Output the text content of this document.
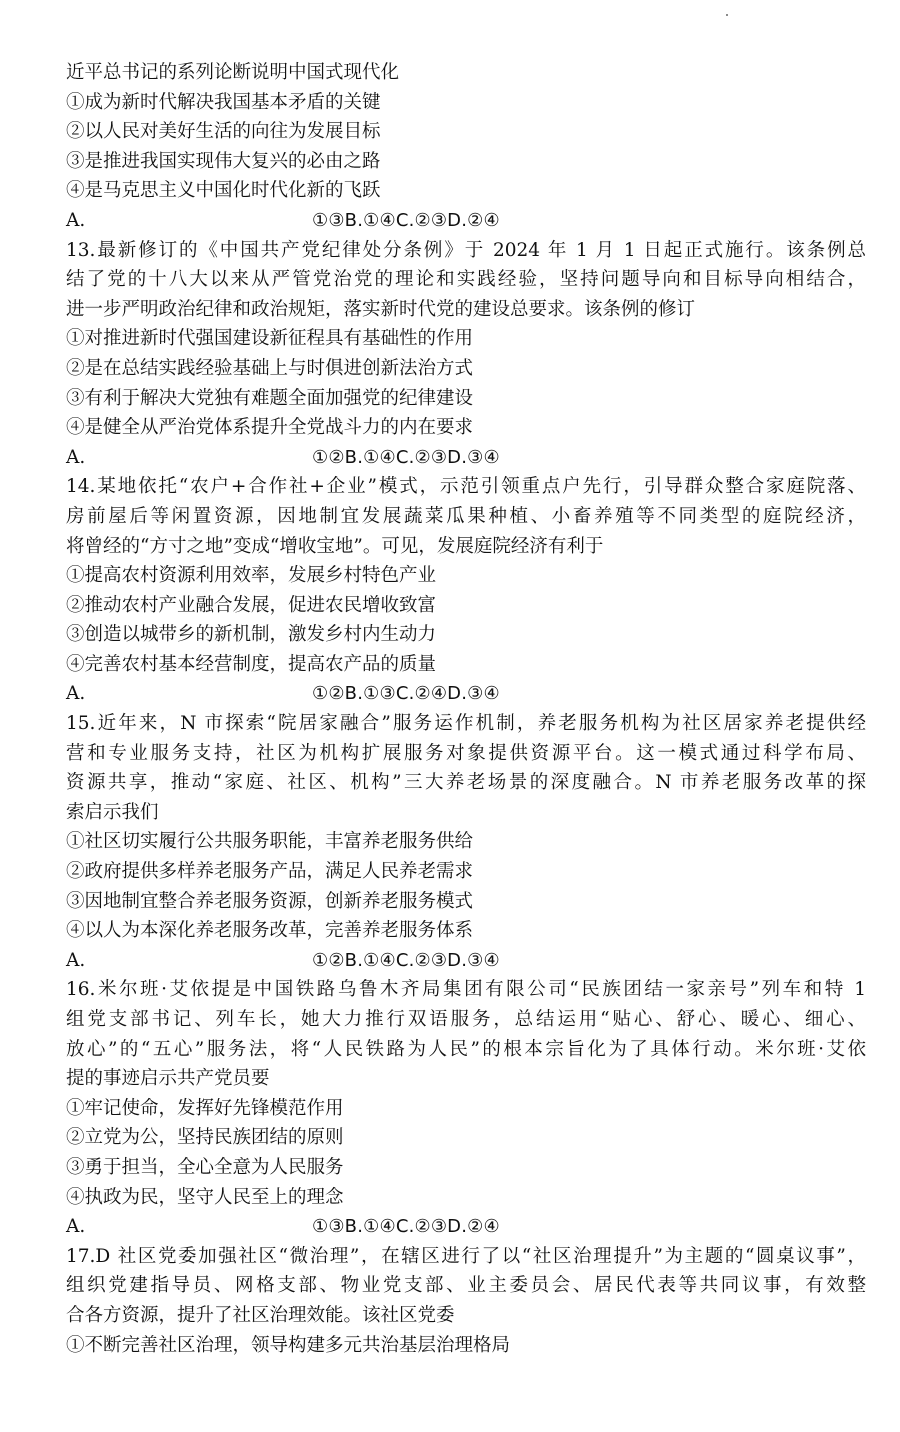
近平总书记的系列论断说明中国式现代化
①成为新时代解决我国基本矛盾的关键
②以人民对美好生活的向往为发展目标
③是推进我国实现伟大复兴的必由之路
④是马克思主义中国化时代化新的飞跃
A.	①③B.①④C.②③D.②④
13.最新修订的《中国共产党纪律处分条例》于 2024 年 1 月 1 日起正式施行。该条例总
结了党的十八大以来从严管党治党的理论和实践经验，坚持问题导向和目标导向相结合，
进一步严明政治纪律和政治规矩，落实新时代党的建设总要求。该条例的修订
①对推进新时代强国建设新征程具有基础性的作用
②是在总结实践经验基础上与时俱进创新法治方式
③有利于解决大党独有难题全面加强党的纪律建设
④是健全从严治党体系提升全党战斗力的内在要求
A.	①②B.①④C.②③D.③④
14.某地依托“农户+合作社+企业”模式，示范引领重点户先行，引导群众整合家庭院落、
房前屋后等闲置资源，因地制宜发展蔬菜瓜果种植、小畜养殖等不同类型的庭院经济，
将曾经的“方寸之地”变成“增收宝地”。可见，发展庭院经济有利于
①提高农村资源利用效率，发展乡村特色产业
②推动农村产业融合发展，促进农民增收致富
③创造以城带乡的新机制，激发乡村内生动力
④完善农村基本经营制度，提高农产品的质量
A.	①②B.①③C.②④D.③④
15.近年来，N 市探索“院居家融合”服务运作机制，养老服务机构为社区居家养老提供经
营和专业服务支持，社区为机构扩展服务对象提供资源平台。这一模式通过科学布局、
资源共享，推动“家庭、社区、机构”三大养老场景的深度融合。N 市养老服务改革的探
索启示我们
①社区切实履行公共服务职能，丰富养老服务供给
②政府提供多样养老服务产品，满足人民养老需求
③因地制宜整合养老服务资源，创新养老服务模式
④以人为本深化养老服务改革，完善养老服务体系
A.	①②B.①④C.②③D.③④
16.米尔班·艾依提是中国铁路乌鲁木齐局集团有限公司“民族团结一家亲号”列车和特 1
组党支部书记、列车长，她大力推行双语服务，总结运用“贴心、舒心、暖心、细心、
放心”的“五心”服务法，将“人民铁路为人民”的根本宗旨化为了具体行动。米尔班·艾依
提的事迹启示共产党员要
①牢记使命，发挥好先锋模范作用
②立党为公，坚持民族团结的原则
③勇于担当，全心全意为人民服务
④执政为民，坚守人民至上的理念
A.	①③B.①④C.②③D.②④
17.D 社区党委加强社区“微治理”，在辖区进行了以“社区治理提升”为主题的“圆桌议事”，
组织党建指导员、网格支部、物业党支部、业主委员会、居民代表等共同议事，有效整
合各方资源，提升了社区治理效能。该社区党委
①不断完善社区治理，领导构建多元共治基层治理格局
